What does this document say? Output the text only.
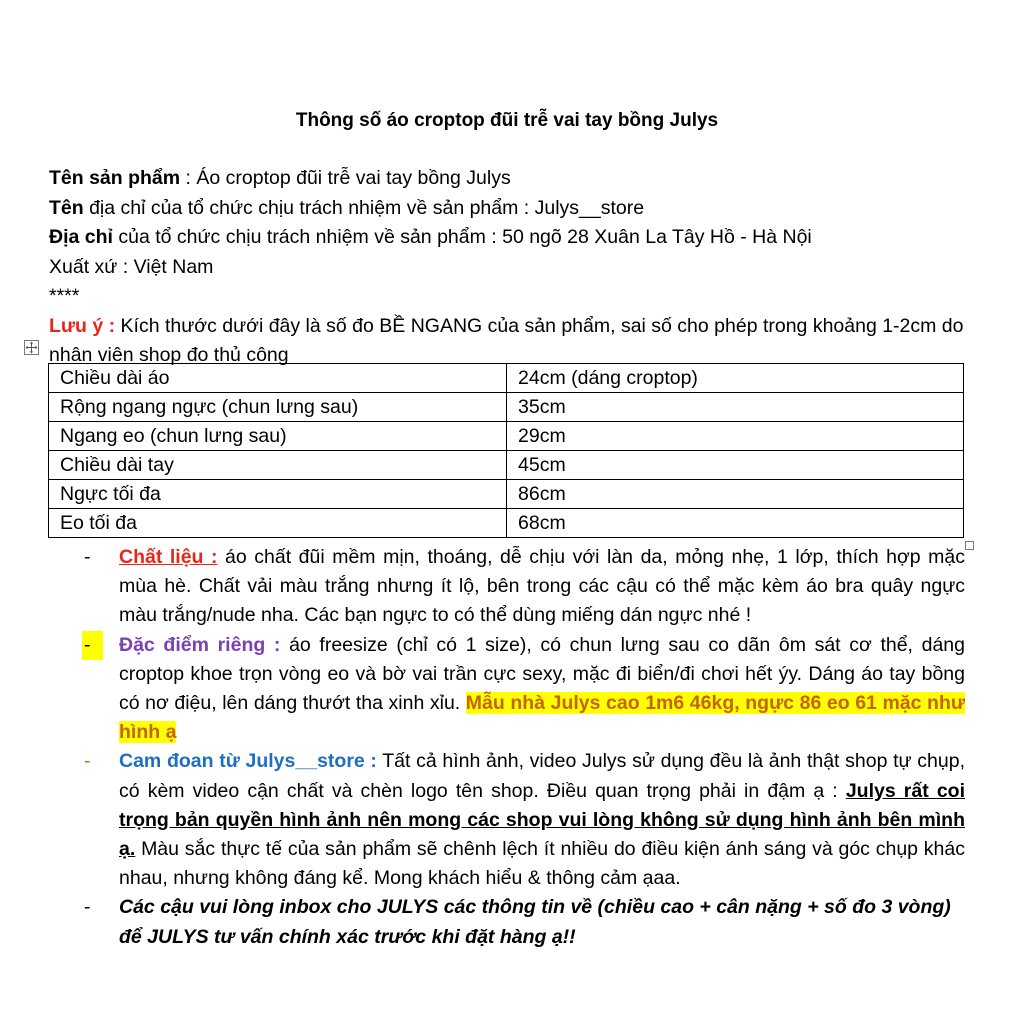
Thông số áo croptop đũi trễ vai tay bồng Julys

Tên sản phẩm : Áo croptop đũi trễ vai tay bồng Julys

Tên địa chỉ của tổ chức chịu trách nhiệm về sản phẩm : Julys__store

Địa chỉ của tổ chức chịu trách nhiệm về sản phẩm : 50 ngõ 28 Xuân La Tây Hồ - Hà Nội

Xuất xứ : Việt Nam

****

Lưu ý : Kích thước dưới đây là số đo BỀ NGANG của sản phẩm, sai số cho phép trong khoảng 1-2cm do nhân viên shop đo thủ công

Chiều dài áo	24cm (dáng croptop)
Rộng ngang ngực (chun lưng sau)	35cm
Ngang eo (chun lưng sau)	29cm
Chiều dài tay	45cm
Ngực tối đa	86cm
Eo tối đa	68cm
- Chất liệu : áo chất đũi mềm mịn, thoáng, dễ chịu với làn da, mỏng nhẹ, 1 lớp, thích hợp mặc mùa hè. Chất vải màu trắng nhưng ít lộ, bên trong các cậu có thể mặc kèm áo bra quây ngực màu trắng/nude nha. Các bạn ngực to có thể dùng miếng dán ngực nhé !
-	Đặc điểm riêng : áo freesize (chỉ có 1 size), có chun lưng sau co dãn ôm sát cơ thể, dáng croptop khoe trọn vòng eo và bờ vai trần cực sexy, mặc đi biển/đi chơi hết ýy. Dáng áo tay bồng có nơ điệu, lên dáng thướt tha xinh xỉu. Mẫu nhà Julys cao 1m6 46kg, ngực 86 eo 61 mặc như hình ạ
- Cam đoan từ Julys__store : Tất cả hình ảnh, video Julys sử dụng đều là ảnh thật shop tự chụp, có kèm video cận chất và chèn logo tên shop. Điều quan trọng phải in đậm ạ : Julys rất coi trọng bản quyền hình ảnh nên mong các shop vui lòng không sử dụng hình ảnh bên mình ạ. Màu sắc thực tế của sản phẩm sẽ chênh lệch ít nhiều do điều kiện ánh sáng và góc chụp khác nhau, nhưng không đáng kể. Mong khách hiểu & thông cảm ạaa.
- Các cậu vui lòng inbox cho JULYS các thông tin về (chiều cao + cân nặng + số đo 3 vòng) để JULYS tư vấn chính xác trước khi đặt hàng ạ!!
